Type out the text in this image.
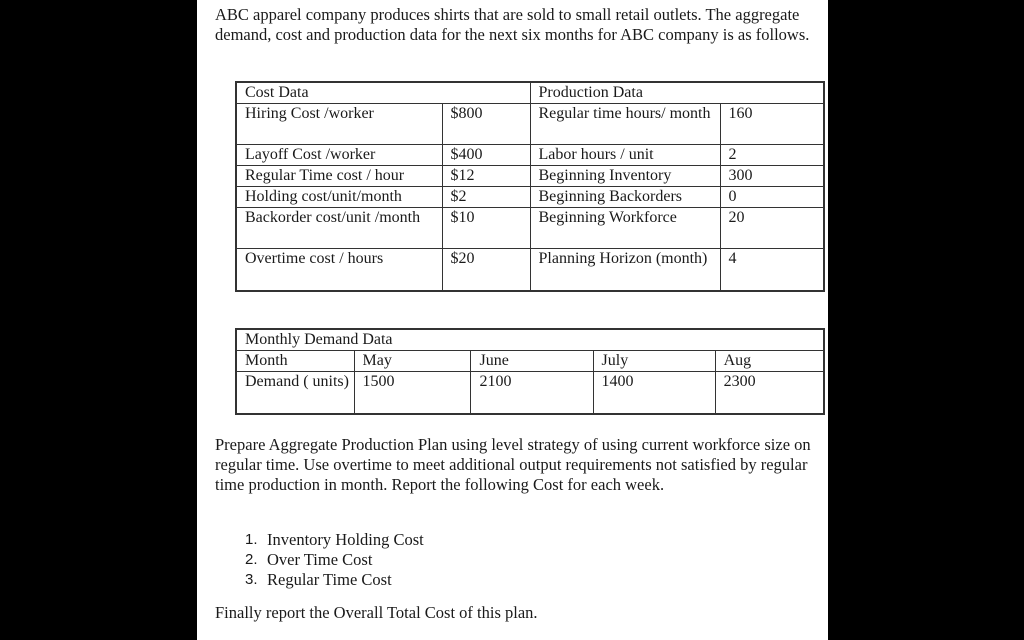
ABC apparel company produces shirts that are sold to small retail outlets. The aggregate demand, cost and production data for the next six months for ABC company is as follows.

Cost Data		Production Data	
Hiring Cost /worker	$800	Regular time hours/ month	160
Layoff Cost /worker	$400	Labor hours / unit	2
Regular Time cost / hour	$12	Beginning Inventory	300
Holding cost/unit/month	$2	Beginning Backorders	0
Backorder cost/unit /month	$10	Beginning Workforce	20
Overtime cost / hours	$20	Planning Horizon (month)	4
Monthly Demand Data				
Month	May	June	July	Aug
Demand ( units)	1500	2100	1400	2300

Prepare Aggregate Production Plan using level strategy of using current workforce size on regular time. Use overtime to meet additional output requirements not satisfied by regular time production in month. Report the following Cost for each week.

1. Inventory Holding Cost
2. Over Time Cost
3. Regular Time Cost

Finally report the Overall Total Cost of this plan.
